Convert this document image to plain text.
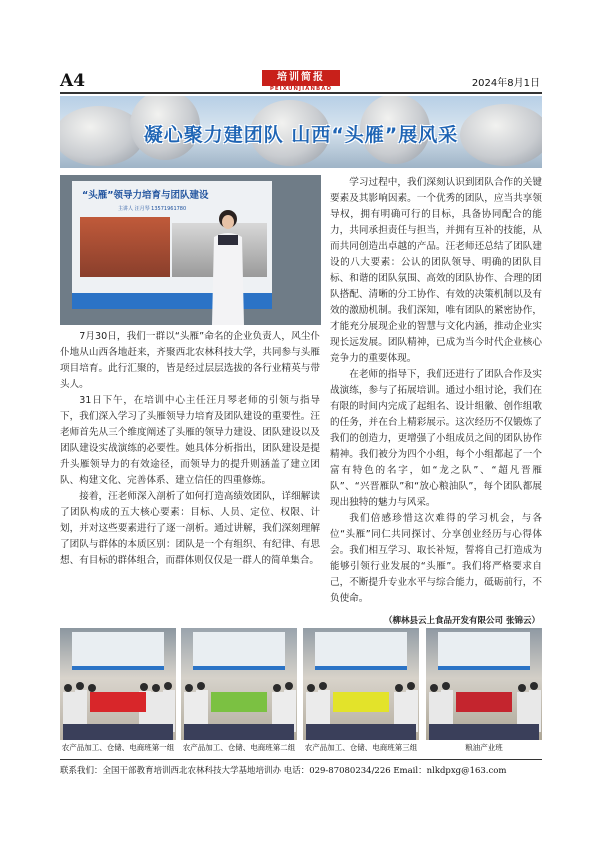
A4	培训简报
PEIXUNJIANBAO	2024年8月1日
凝心聚力建团队 山西“头雁”展风采
“头雁”领导力培育与团队建设
主讲人 汪月琴 13571961780

7月30日，我们一群以“头雁”命名的企业负责人，风尘仆仆地从山西各地赶来，齐聚西北农林科技大学，共同参与头雁项目培育。此行汇聚的，皆是经过层层选拔的各行业精英与带头人。

31日下午，在培训中心主任汪月琴老师的引领与指导下，我们深入学习了头雁领导力培育及团队建设的重要性。汪老师首先从三个维度阐述了头雁的领导力建设、团队建设以及团队建设实战演练的必要性。她具体分析指出，团队建设是提升头雁领导力的有效途径，而领导力的提升则涵盖了建立团队、构建文化、完善体系、建立信任的四重修炼。

接着，汪老师深入剖析了如何打造高绩效团队，详细解读了团队构成的五大核心要素：目标、人员、定位、权限、计划，并对这些要素进行了逐一剖析。通过讲解，我们深刻理解了团队与群体的本质区别：团队是一个有组织、有纪律、有思想、有目标的群体组合，而群体则仅仅是一群人的简单集合。

学习过程中，我们深刻认识到团队合作的关键要素及其影响因素。一个优秀的团队，应当共享领导权，拥有明确可行的目标，具备协同配合的能力，共同承担责任与担当，并拥有互补的技能，从而共同创造出卓越的产品。汪老师还总结了团队建设的八大要素：公认的团队领导、明确的团队目标、和谐的团队氛围、高效的团队协作、合理的团队搭配、清晰的分工协作、有效的决策机制以及有效的激励机制。我们深知，唯有团队的紧密协作，才能充分展现企业的智慧与文化内涵，推动企业实现长远发展。团队精神，已成为当今时代企业核心竞争力的重要体现。

在老师的指导下，我们还进行了团队合作及实战演练，参与了拓展培训。通过小组讨论，我们在有限的时间内完成了起组名、设计组徽、创作组歌的任务，并在台上精彩展示。这次经历不仅锻炼了我们的创造力，更增强了小组成员之间的团队协作精神。我们被分为四个小组，每个小组都起了一个富有特色的名字，如“龙之队”、“超凡晋雁队”、“兴晋雁队”和“放心粮油队”，每个团队都展现出独特的魅力与风采。

我们倍感珍惜这次难得的学习机会，与各位“头雁”同仁共同探讨、分享创业经历与心得体会。我们相互学习、取长补短，誓将自己打造成为能够引领行业发展的“头雁”。我们将严格要求自己，不断提升专业水平与综合能力，砥砺前行，不负使命。

（柳林县云上食品开发有限公司 张锦云）
农产品加工、仓储、电商班第一组	农产品加工、仓储、电商班第二组	农产品加工、仓储、电商班第三组	粮油产业班
联系我们：全国干部教育培训西北农林科技大学基地培训办 电话：029-87080234/226 Email：nlkdpxg@163.com
